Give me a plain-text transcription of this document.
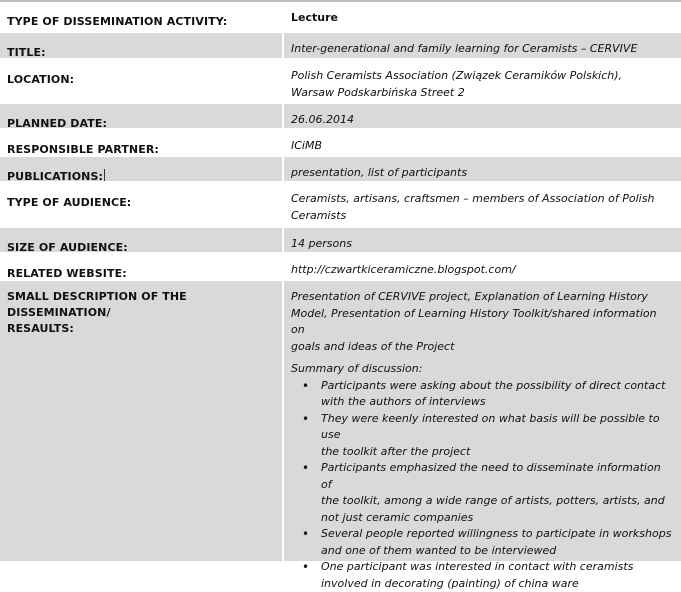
TYPE OF DISSEMINATION ACTIVITY:	Lecture
TITLE:	Inter-generational and family learning for Ceramists – CERVIVE
LOCATION:	Polish Ceramists Association (Związek Ceramików Polskich),
Warsaw Podskarbińska Street 2
PLANNED DATE:	26.06.2014
RESPONSIBLE PARTNER:	ICiMB
PUBLICATIONS:	presentation, list of participants
TYPE OF AUDIENCE:	Ceramists, artisans, craftsmen – members of Association of Polish
Ceramists
SIZE OF AUDIENCE:	14 persons
RELATED WEBSITE:	http://czwartkiceramiczne.blogspot.com/
SMALL DESCRIPTION OF THE DISSEMINATION/
RESAULTS:
Presentation of CERVIVE project, Explanation of Learning History
Model, Presentation of Learning History Toolkit/shared information on
goals and ideas of the Project
Summary of discussion:
• Participants were asking about the possibility of direct contact
with the authors of interviews
• They were keenly interested on what basis will be possible to use
the toolkit after the project
• Participants emphasized the need to disseminate information of
the toolkit, among a wide range of artists, potters, artists, and
not just ceramic companies
• Several people reported willingness to participate in workshops
and one of them wanted to be interviewed
• One participant was interested in contact with ceramists
involved in decorating (painting) of china ware
